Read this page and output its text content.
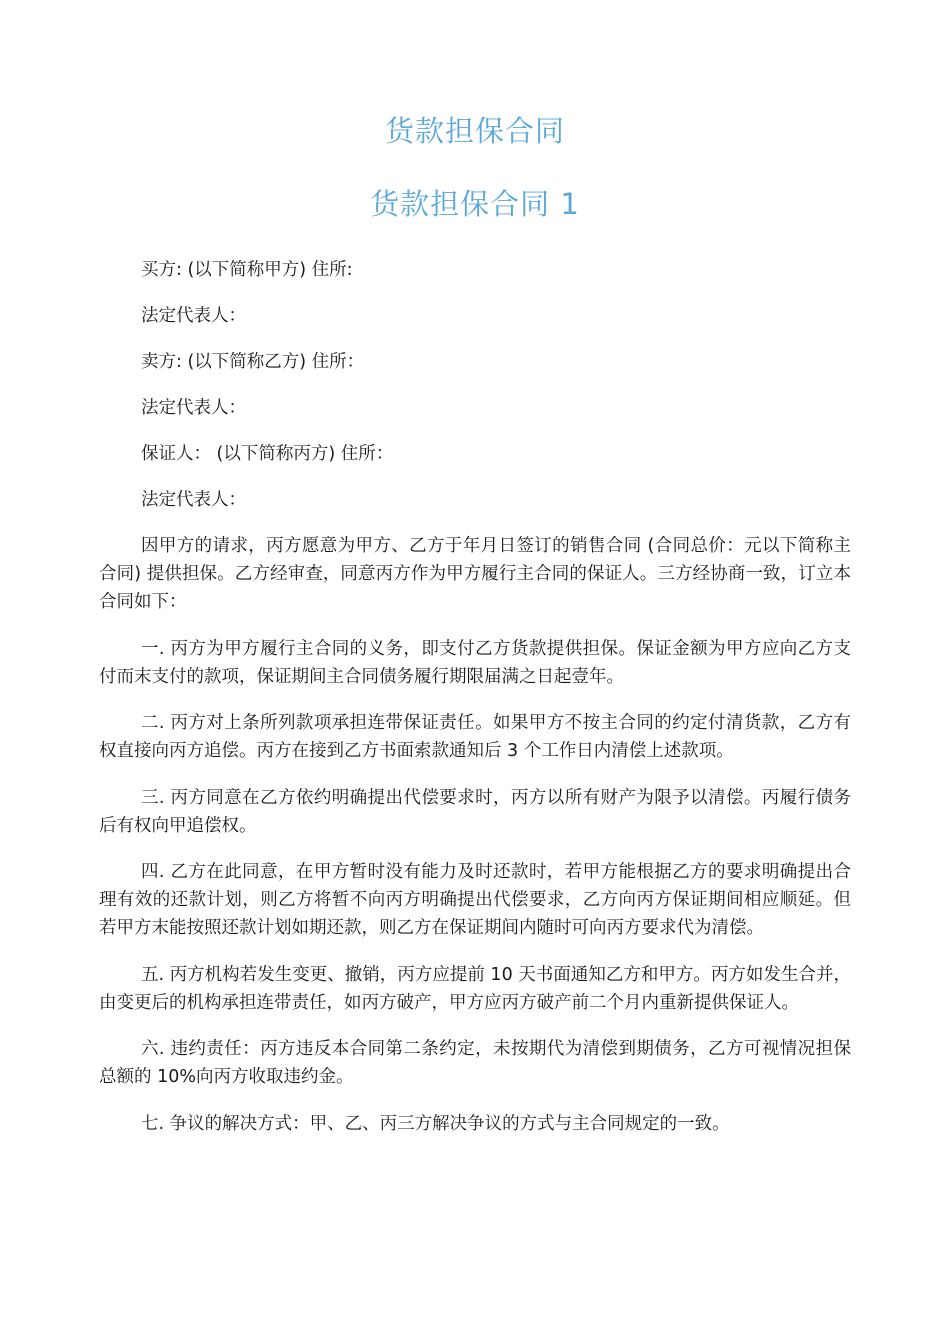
货款担保合同
货款担保合同 1

买方: (以下简称甲方) 住所:

法定代表人：

卖方: (以下简称乙方) 住所：

法定代表人：

保证人： (以下简称丙方) 住所：

法定代表人：

因甲方的请求，丙方愿意为甲方、乙方于年月日签订的销售合同 (合同总价：元以下简称主合同) 提供担保。乙方经审查，同意丙方作为甲方履行主合同的保证人。三方经协商一致，订立本合同如下：

一. 丙方为甲方履行主合同的义务，即支付乙方货款提供担保。保证金额为甲方应向乙方支付而末支付的款项，保证期间主合同债务履行期限届满之日起壹年。

二. 丙方对上条所列款项承担连带保证责任。如果甲方不按主合同的约定付清货款，乙方有权直接向丙方追偿。丙方在接到乙方书面索款通知后 3 个工作日内清偿上述款项。

三. 丙方同意在乙方依约明确提出代偿要求时，丙方以所有财产为限予以清偿。丙履行债务后有权向甲追偿权。

四. 乙方在此同意，在甲方暂时没有能力及时还款时，若甲方能根据乙方的要求明确提出合理有效的还款计划，则乙方将暂不向丙方明确提出代偿要求，乙方向丙方保证期间相应顺延。但若甲方末能按照还款计划如期还款，则乙方在保证期间内随时可向丙方要求代为清偿。

五. 丙方机构若发生变更、撤销，丙方应提前 10 天书面通知乙方和甲方。丙方如发生合并，由变更后的机构承担连带责任，如丙方破产，甲方应丙方破产前二个月内重新提供保证人。

六. 违约责任：丙方违反本合同第二条约定，未按期代为清偿到期债务，乙方可视情况担保总额的 10%向丙方收取违约金。

七. 争议的解决方式：甲、乙、丙三方解决争议的方式与主合同规定的一致。
